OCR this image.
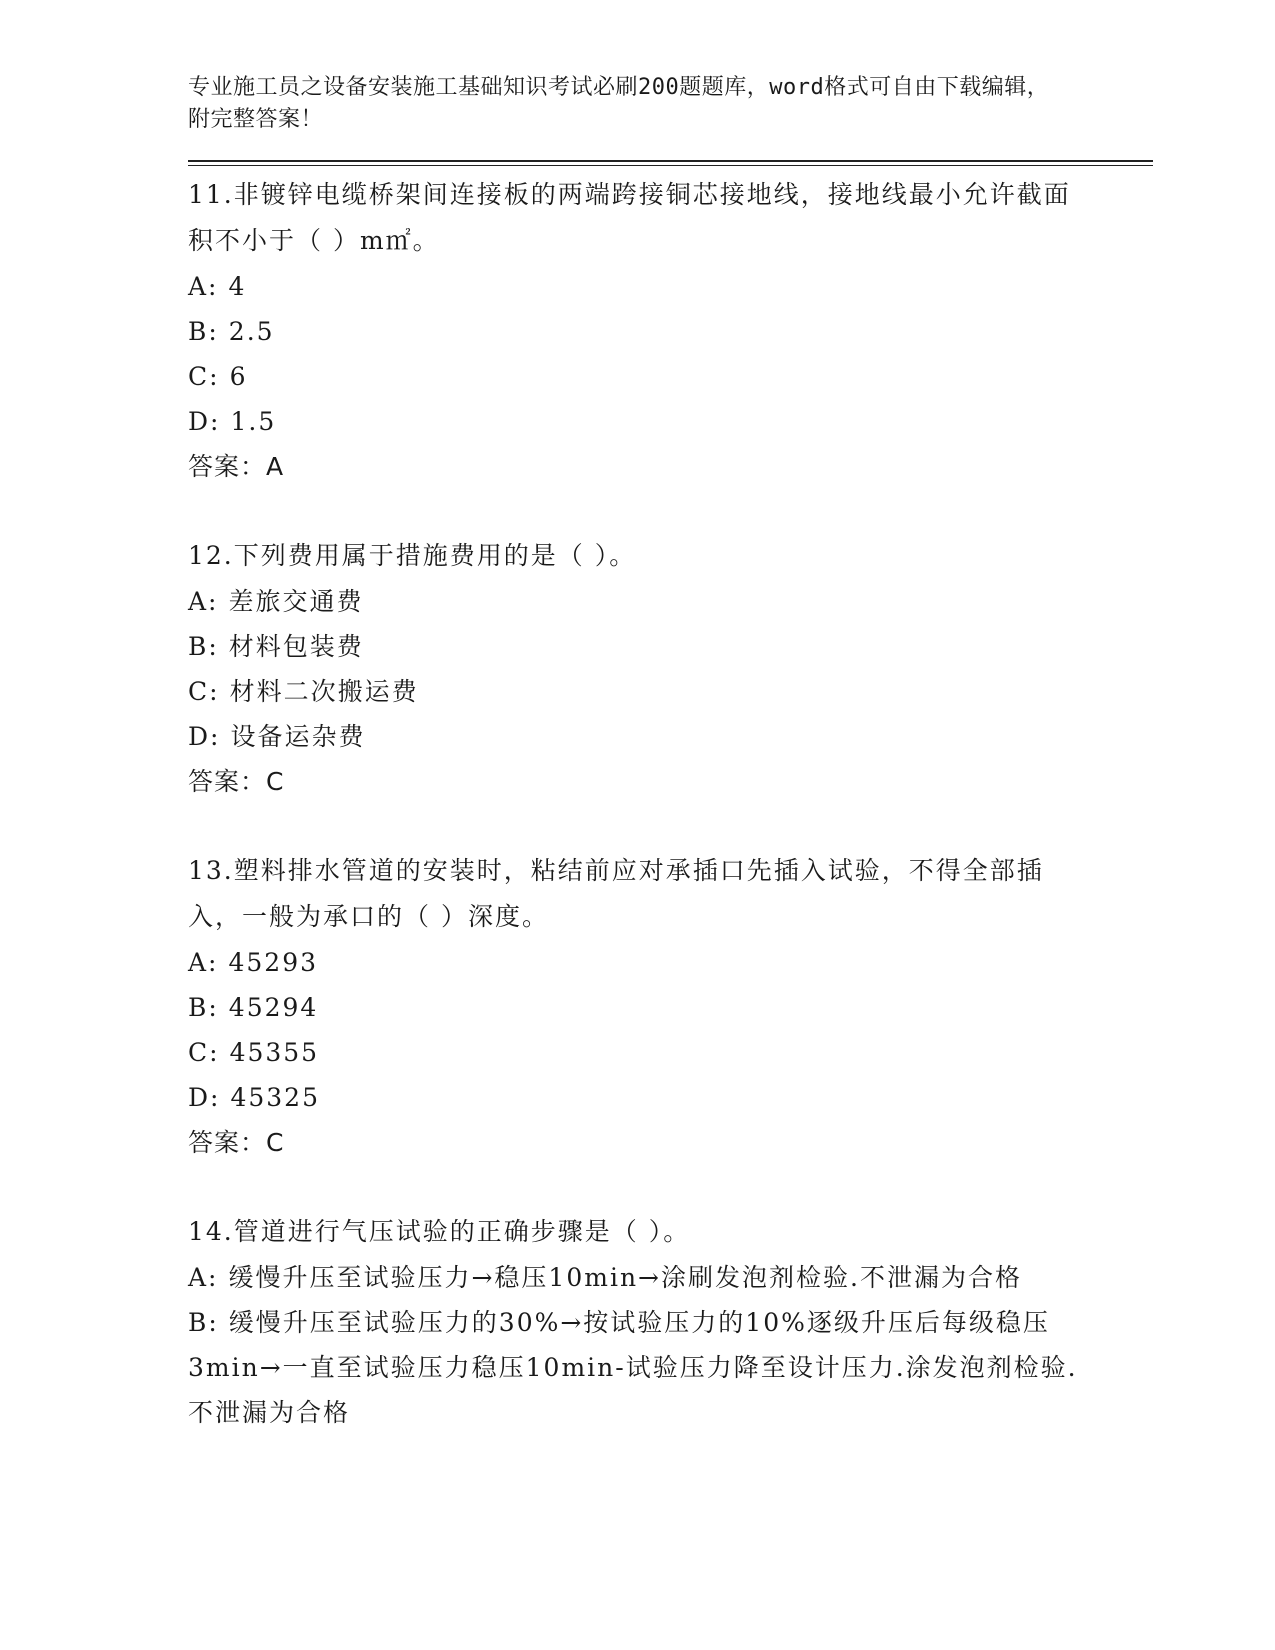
专业施工员之设备安装施工基础知识考试必刷200题题库，word格式可自由下载编辑，附完整答案！
11.非镀锌电缆桥架间连接板的两端跨接铜芯接地线，接地线最小允许截面积不小于（ ）m㎡。
A: 4
B: 2.5
C: 6
D: 1.5
答案：A
12.下列费用属于措施费用的是（ ）。
A: 差旅交通费
B: 材料包装费
C: 材料二次搬运费
D: 设备运杂费
答案：C
13.塑料排水管道的安装时，粘结前应对承插口先插入试验，不得全部插入，一般为承口的（ ）深度。
A: 45293
B: 45294
C: 45355
D: 45325
答案：C
14.管道进行气压试验的正确步骤是（ ）。
A: 缓慢升压至试验压力→稳压10min→涂刷发泡剂检验.不泄漏为合格
B: 缓慢升压至试验压力的30%→按试验压力的10%逐级升压后每级稳压3min→一直至试验压力稳压10min-试验压力降至设计压力.涂发泡剂检验.不泄漏为合格
